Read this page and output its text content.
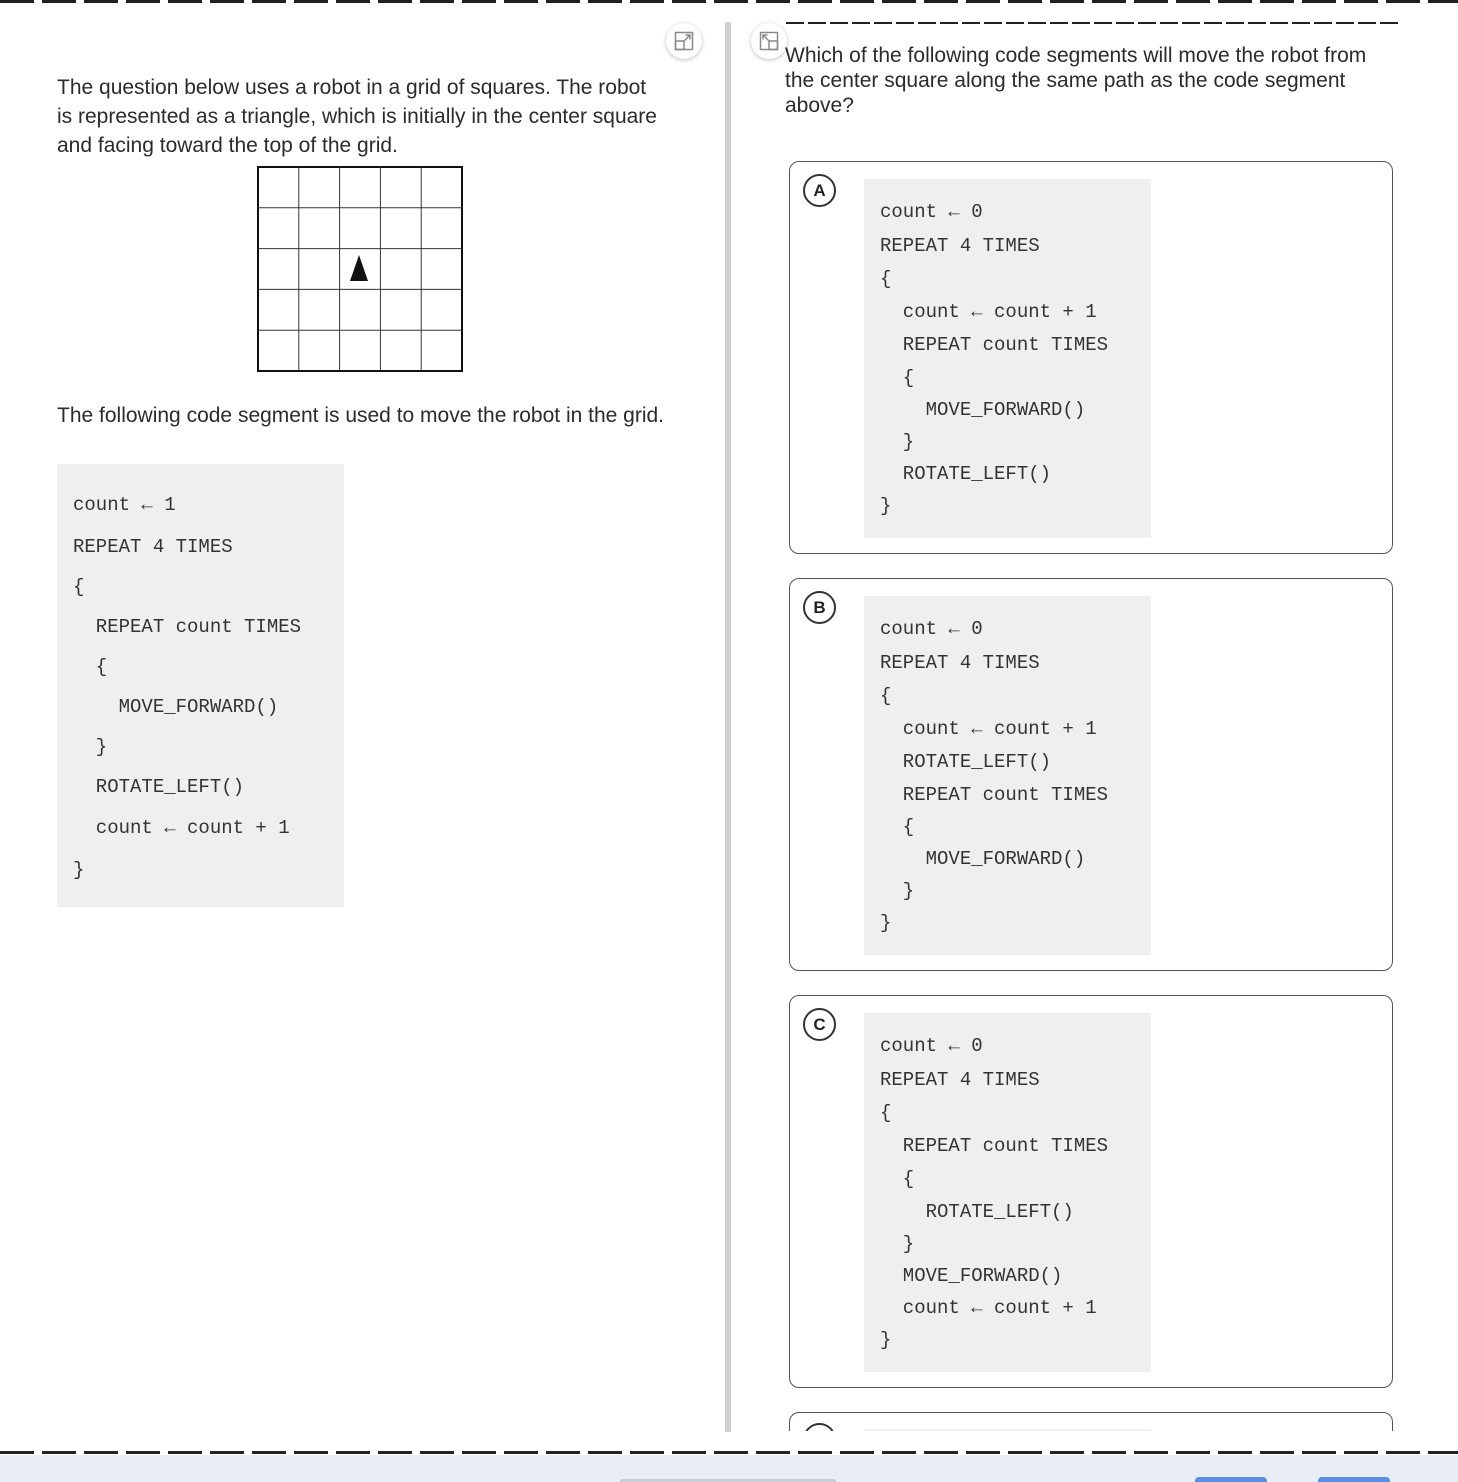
The question below uses a robot in a grid of squares. The robot is represented as a triangle, which is initially in the center square and facing toward the top of the grid.
The following code segment is used to move the robot in the grid.
count ← 1
REPEAT 4 TIMES
{
REPEAT count TIMES
{
MOVE_FORWARD()
}
ROTATE_LEFT()
count ← count + 1
}
Which of the following code segments will move the robot from the center square along the same path as the code segment above?
A
count ← 0
REPEAT 4 TIMES
{
count ← count + 1
REPEAT count TIMES
{
MOVE_FORWARD()
}
ROTATE_LEFT()
}
B
count ← 0
REPEAT 4 TIMES
{
count ← count + 1
ROTATE_LEFT()
REPEAT count TIMES
{
MOVE_FORWARD()
}
}
C
count ← 0
REPEAT 4 TIMES
{
REPEAT count TIMES
{
ROTATE_LEFT()
}
MOVE_FORWARD()
count ← count + 1
}
